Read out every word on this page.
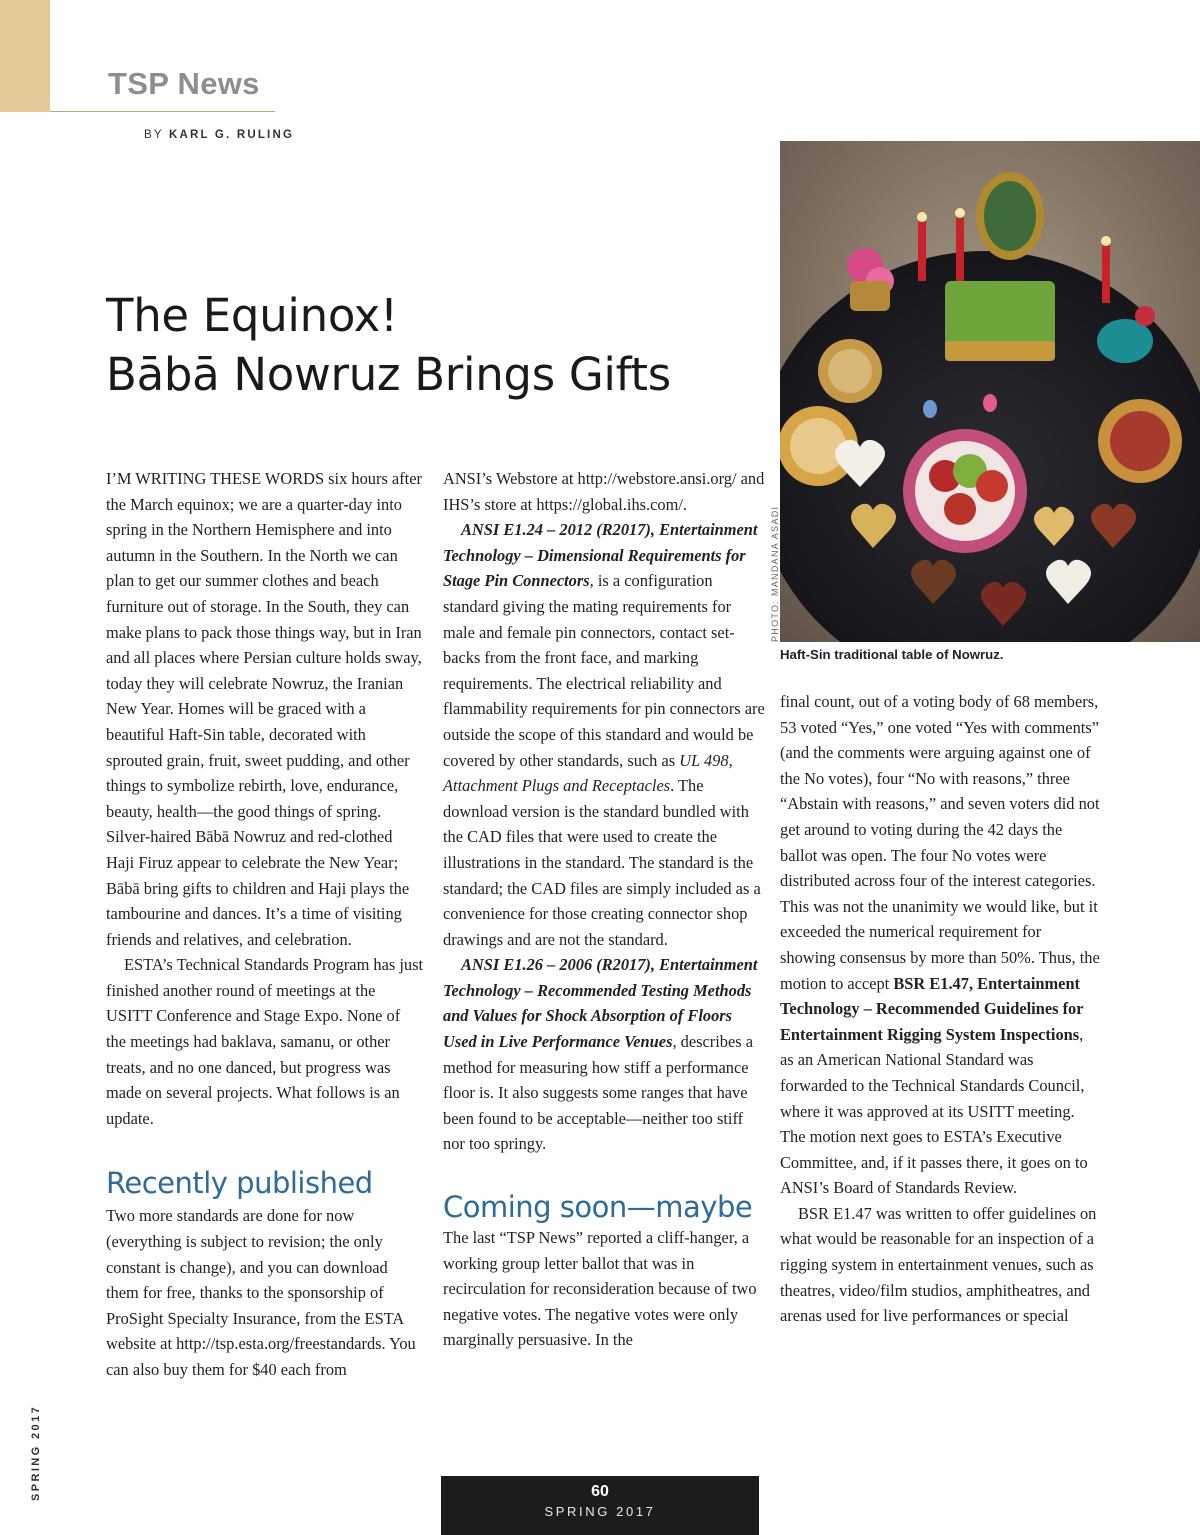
TSP News
BY KARL G. RULING
The Equinox!
Bābā Nowruz Brings Gifts
PHOTO: MANDANA ASADI
Haft-Sin traditional table of Nowruz.

I’M WRITING THESE WORDS six hours after the March equinox; we are a quarter-day into spring in the Northern Hemisphere and into autumn in the Southern. In the North we can plan to get our summer clothes and beach furniture out of storage. In the South, they can make plans to pack those things way, but in Iran and all places where Persian culture holds sway, today they will celebrate Nowruz, the Iranian New Year. Homes will be graced with a beautiful Haft-Sin table, decorated with sprouted grain, fruit, sweet pudding, and other things to symbolize rebirth, love, endurance, beauty, health—the good things of spring. Silver-haired Bābā Nowruz and red-clothed Haji Firuz appear to celebrate the New Year; Bābā bring gifts to children and Haji plays the tambourine and dances. It’s a time of visiting friends and relatives, and celebration.

ESTA’s Technical Standards Program has just finished another round of meetings at the USITT Conference and Stage Expo. None of the meetings had baklava, samanu, or other treats, and no one danced, but progress was made on several projects. What follows is an update.

Recently published

Two more standards are done for now (everything is subject to revision; the only constant is change), and you can download them for free, thanks to the sponsorship of ProSight Specialty Insurance, from the ESTA website at http://tsp.esta.org/freestandards. You can also buy them for $40 each from

ANSI’s Webstore at http://webstore.ansi.org/ and IHS’s store at https://global.ihs.com/.

ANSI E1.24 – 2012 (R2017), Entertainment Technology – Dimensional Requirements for Stage Pin Connectors, is a configuration standard giving the mating requirements for male and female pin connectors, contact set-backs from the front face, and marking requirements. The electrical reliability and flammability requirements for pin connectors are outside the scope of this standard and would be covered by other standards, such as UL 498, Attachment Plugs and Receptacles. The download version is the standard bundled with the CAD files that were used to create the illustrations in the standard. The standard is the standard; the CAD files are simply included as a convenience for those creating connector shop drawings and are not the standard.

ANSI E1.26 – 2006 (R2017), Entertainment Technology – Recommended Testing Methods and Values for Shock Absorption of Floors Used in Live Performance Venues, describes a method for measuring how stiff a performance floor is. It also suggests some ranges that have been found to be acceptable—neither too stiff nor too springy.

Coming soon—maybe

The last “TSP News” reported a cliff-hanger, a working group letter ballot that was in recirculation for reconsideration because of two negative votes. The negative votes were only marginally persuasive. In the

final count, out of a voting body of 68 members, 53 voted “Yes,” one voted “Yes with comments” (and the comments were arguing against one of the No votes), four “No with reasons,” three “Abstain with reasons,” and seven voters did not get around to voting during the 42 days the ballot was open. The four No votes were distributed across four of the interest categories. This was not the unanimity we would like, but it exceeded the numerical requirement for showing consensus by more than 50%. Thus, the motion to accept BSR E1.47, Entertainment Technology – Recommended Guidelines for Entertainment Rigging System Inspections, as an American National Standard was forwarded to the Technical Standards Council, where it was approved at its USITT meeting. The motion next goes to ESTA’s Executive Committee, and, if it passes there, it goes on to ANSI’s Board of Standards Review.

BSR E1.47 was written to offer guidelines on what would be reasonable for an inspection of a rigging system in entertainment venues, such as theatres, video/film studios, amphitheatres, and arenas used for live performances or special

SPRING 2017	60
SPRING 2017
